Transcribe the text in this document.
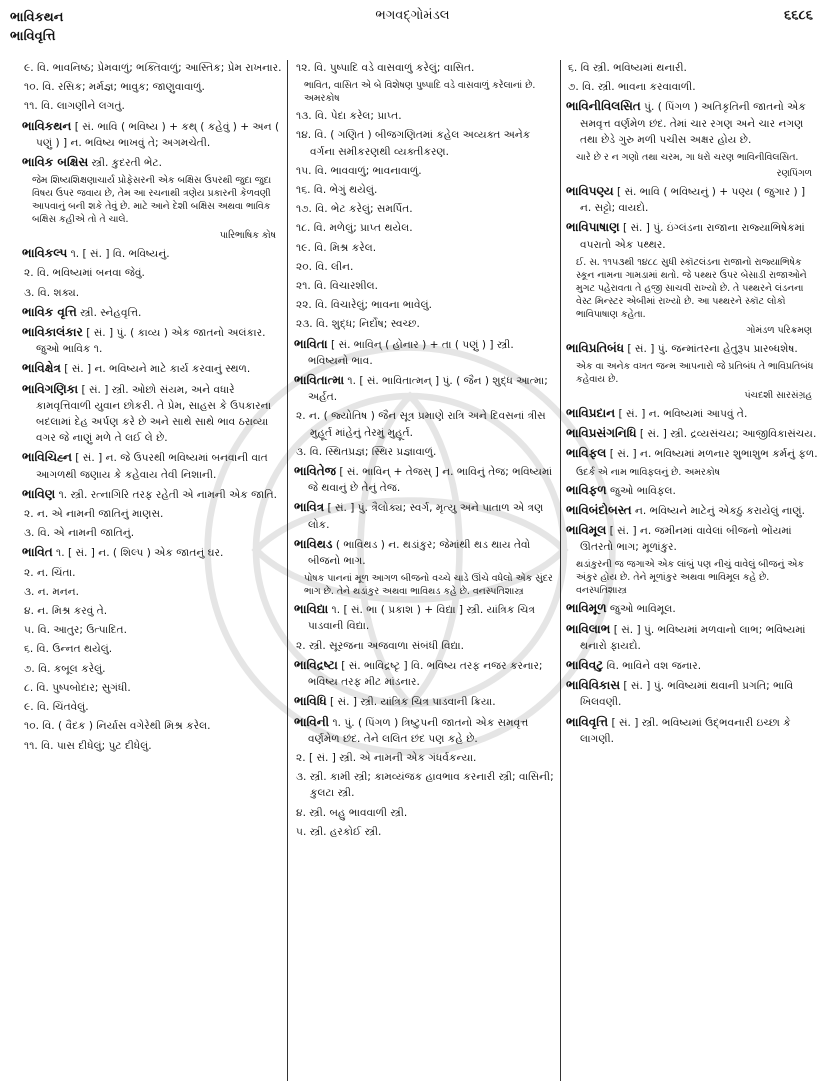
ભાવિકથન
ભાવિવૃત્તિ
ભગવદ્ગોમંડલ	૬૬૮૬
૯. વિ. ભાવનિષ્ઠ; પ્રેમવાળું; ભક્તિવાળું; આસ્તિક; પ્રેમ રાખનાર.
૧૦. વિ. રસિક; મર્મજ્ઞ; ભાવુક; જાણુવાવાળું.
૧૧. વિ. લાગણીને લગતું.
ભાવિકથન [ સં. ભાવિ ( ભવિષ્ય ) + કથ્ ( કહેવું ) + અન ( પણું ) ] ન. ભવિષ્ય ભાખવું તે; અગમચેતી.
ભાવિક બક્ષિસ સ્ત્રી. કુદરતી ભેટ.
જેમ શિષ્યશિક્ષણાચાર્ય પ્રોફેસરની એક બક્ષિસ ઉપરથી જુદા જુદા વિષય ઉપર જવાય છે, તેમ આ રચનાથી ત્રણેય પ્રકારની કેળવણી આપવાનું બની શકે તેવું છે. માટે આને દેશી બક્ષિસ અથવા ભાવિક બક્ષિસ કહીએ તો તે ચાલે.
પારિભાષિક કોષ
ભાવિકલ્પ ૧. [ સં. ] વિ. ભવિષ્યનું.
૨. વિ. ભવિષ્યમાં બનવા જેવું.
૩. વિ. શક્ય.
ભાવિક વૃત્તિ સ્ત્રી. સ્નેહવૃત્તિ.
ભાવિકાલંકાર [ સં. ] પું. ( કાવ્ય ) એક જાતનો અલંકાર. જુઓ ભાવિક ૧.
ભાવિક્ષેત્ર [ સં. ] ન. ભવિષ્યને માટે કાર્ય કરવાનું સ્થળ.
ભાવિગણિકા [ સં. ] સ્ત્રી. ઓછો સંયમ, અને વધારે કામવૃત્તિવાળી યુવાન છોકરી. તે પ્રેમ, સાહસ કે ઉપકારના બદલામાં દેહ અર્પણ કરે છે અને સાથે સાથે ભાવ ઠરાવ્યા વગર જે નાણું મળે તે લઈ લે છે.
ભાવિચિહ્ન [ સં. ] ન. જે ઉપરથી ભવિષ્યમાં બનવાની વાત આગળથી જણાય કે કહેવાય તેવી નિશાની.
ભાવિણ ૧. સ્ત્રી. રત્નાગિરિ તરફ રહેતી એ નામની એક જાતિ.
૨. ન. એ નામની જાતિનું માણસ.
૩. વિ. એ નામની જાતિનું.
ભાવિત ૧. [ સં. ] ન. ( શિલ્પ ) એક જાતનું ઘર.
૨. ન. ચિંતા.
૩. ન. મનન.
૪. ન. મિશ્ર કરવું તે.
૫. વિ. આતુર; ઉત્પાદિત.
૬. વિ. ઉન્નત થયેલું.
૭. વિ. કબૂલ કરેલું.
૮. વિ. પુષ્પબોદાર; સુગંધી.
૯. વિ. ચિંતવેલું.
૧૦. વિ. ( વૈદક ) નિર્યાસ વગેરેથી મિશ્ર કરેલ.
૧૧. વિ. પાસ દીધેલું; પુટ દીધેલું.
૧૨. વિ. પુષ્પાદિ વડે વાસવાળું કરેલું; વાસિત.
ભાવિત, વાસિત એ બે વિશેષણ પુષ્પાદિ વડે વાસવાળું કરેલાનાં છે. અમરકોષ
૧૩. વિ. પેદા કરેલ; પ્રાપ્ત.
૧૪. વિ. ( ગણિત ) બીજગણિતમાં કહેલ અવ્યક્ત અનેક વર્ગના સમીકરણથી વ્યક્તીકરણ.
૧૫. વિ. ભાવવાળું; ભાવનાવાળું.
૧૬. વિ. ભેગું થયેલું.
૧૭. વિ. ભેટ કરેલું; સમર્પિત.
૧૮. વિ. મળેલું; પ્રાપ્ત થયેલ.
૧૯. વિ. મિશ્ર કરેલ.
૨૦. વિ. લીન.
૨૧. વિ. વિચારશીલ.
૨૨. વિ. વિચારેલું; ભાવના ભાવેલું.
૨૩. વિ. શુદ્ધ; નિર્દોષ; સ્વચ્છ.
ભાવિતા [ સં. ભાવિન્ ( હોનાર ) + તા ( પણું ) ] સ્ત્રી. ભવિષ્યનો ભાવ.
ભાવિતાત્મા ૧. [ સં. ભાવિતાત્મન્ ] પું. ( જૈન ) શુદ્ધ આત્મા; અર્હત.
૨. ન. ( જ્યોતિષ ) જૈન સૂત્ર પ્રમાણે રાત્રિ અને દિવસનાં ત્રીસ મુહૂર્ત માંહેનું તેરમું મુહૂર્ત.
૩. વિ. સ્થિતપ્રજ્ઞ; સ્થિર પ્રજ્ઞાવાળું.
ભાવિતેજ [ સં. ભાવિન્ + તેજસ્ ] ન. ભાવિનું તેજ; ભવિષ્યમાં જે થવાનું છે તેનું તેજ.
ભાવિત્ર [ સં. ] પું. ત્રૈલોક્ય; સ્વર્ગ, મૃત્યુ અને પાતાળ એ ત્રણ લોક.
ભાવિથડ ( ભાવિથડ ) ન. થડાંકુર; જેમાંથી થડ થાય તેવો બીજનો ભાગ.
પોષક પાનનાં મૂળ આગળ બીજનો વચ્ચે ચાડે ઊંચે વધેલો એક સુંદર ભાગ છે. તેને થડાંકુર અથવા ભાવિથડ કહે છે. વનસ્પતિશાસ્ત્ર
ભાવિદ્યા ૧. [ સં. ભા ( પ્રકાશ ) + વિદ્યા ] સ્ત્રી. યાંત્રિક ચિત્ર પાડવાની વિદ્યા.
૨. સ્ત્રી. સૂરજના અજવાળા સંબંધી વિદ્યા.
ભાવિદ્રષ્ટા [ સં. ભાવિદ્રષ્ટૃ ] વિ. ભવિષ્ય તરફ નજર કરનાર; ભવિષ્ય તરફ મીટ માંડનાર.
ભાવિધિ [ સં. ] સ્ત્રી. યાંત્રિક ચિત્ર પાડવાની ક્રિયા.
ભાવિની ૧. પું. ( પિંગળ ) ત્રિષ્ટુપની જાતનો એક સમવૃત્ત વર્ણમેળ છંદ. તેને લલિત છંદ પણ કહે છે.
૨. [ સં. ] સ્ત્રી. એ નામની એક ગંધર્વકન્યા.
૩. સ્ત્રી. કામી સ્ત્રી; કામવ્યંજક હાવભાવ કરનારી સ્ત્રી; વાસિની; કુલટા સ્ત્રી.
૪. સ્ત્રી. બહુ ભાવવાળી સ્ત્રી.
૫. સ્ત્રી. હરકોઈ સ્ત્રી.
૬. વિ સ્ત્રી. ભવિષ્યમાં થનારી.
૭. વિ. સ્ત્રી. ભાવના કરવાવાળી.
ભાવિનીવિલસિત પું. ( પિંગળ ) અતિકૃતિની જાતનો એક સમવૃત્ત વર્ણમેળ છંદ. તેમાં ચાર રગણ અને ચાર નગણ તથા છેડે ગુરુ મળી પચીસ અક્ષર હોય છે.
ચારે છે ર ન ગણો તથા ચરમ, ગા ધરો ચરણ ભાવિનીવિલસિત.
રણપિંગળ
ભાવિપણ્ય [ સં. ભાવિ ( ભવિષ્યનું ) + પણ્ય ( જુગાર ) ] ન. સટ્ટો; વાયદો.
ભાવિપાષાણ [ સં. ] પું. ઇંગ્લંડના રાજાના રાજ્યાભિષેકમાં વપરાતો એક પથ્થર.
ઈ. સ. ૧૧૫૩થી ૧૪૮૮ સુધી સ્કૉટલંડના રાજાનો રાજ્યાભિષેક સ્કૂન નામના ગામડામાં થતો. જે પથ્થર ઉપર બેસાડી રાજાઓને મુગટ પહેરાવતા તે હજી સાચવી રાખ્યો છે. તે પથ્થરને લંડનના વેસ્ટ મિન્સ્ટર એબીમાં રાખ્યો છે. આ પથ્થરને સ્કૉટ લોકો ભાવિપાષાણ કહેતા.
ગોમંડળ પરિક્રમણ
ભાવિપ્રતિબંધ [ સં. ] પું. જન્માંતરના હેતુરૂપ પ્રારબ્ધશેષ.
એક વા અનેક વખત જન્મ આપનારો જે પ્રતિબંધ તે ભાવિપ્રતિબંધ કહેવાય છે.
પંચદશી સારસંગ્રહ
ભાવિપ્રદાન [ સં. ] ન. ભવિષ્યમાં આપવું તે.
ભાવિપ્રસંગનિધિ [ સં. ] સ્ત્રી. દ્રવ્યસંચય; આજીવિકાસંચય.
ભાવિફલ [ સં. ] ન. ભવિષ્યમાં મળનાર શુભાશુભ કર્મનું ફળ.
ઉદર્ક એ નામ ભાવિફલનું છે. અમરકોષ
ભાવિફળ જુઓ ભાવિફલ.
ભાવિબંદોબસ્ત ન. ભવિષ્યને માટેનું એકઠું કરાયેલું નાણું.
ભાવિમૂલ [ સં. ] ન. જમીનમાં વાવેલાં બીજનો ભોંયમાં ઊતરતો ભાગ; મૂળાંકુર.
થડાંકુરની જ જગાએ એક લાંબું પણ નીચું વાવેલું બીજનું એક અંકુર હોય છે. તેને મૂળાંકુર અથવા ભાવિમૂલ કહે છે. વનસ્પતિશાસ્ત્ર
ભાવિમૂળ જુઓ ભાવિમૂલ.
ભાવિલાભ [ સં. ] પું. ભવિષ્યમાં મળવાનો લાભ; ભવિષ્યમાં થનારો ફાયદો.
ભાવિવટુ વિ. ભાવિને વશ જનાર.
ભાવિવિકાસ [ સં. ] પું. ભવિષ્યમાં થવાની પ્રગતિ; ભાવિ ખિલવણી.
ભાવિવૃત્તિ [ સં. ] સ્ત્રી. ભવિષ્યમાં ઉદ્ભવનારી ઇચ્છા કે લાગણી.
